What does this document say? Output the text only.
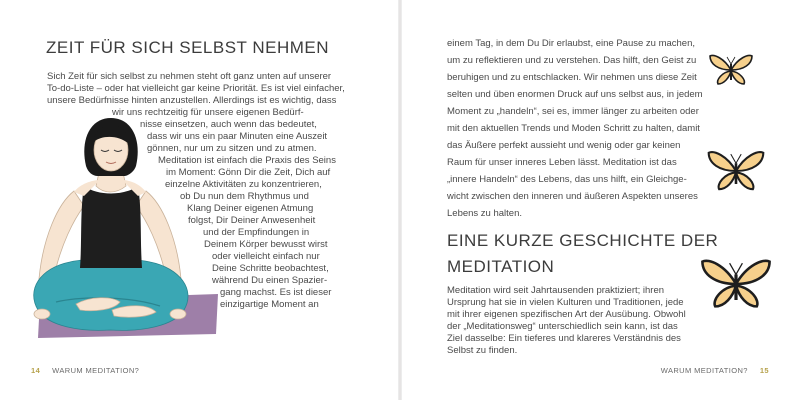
ZEIT FÜR SICH SELBST NEHMEN
Sich Zeit für sich selbst zu nehmen steht oft ganz unten auf unserer
To-do-Liste – oder hat vielleicht gar keine Priorität. Es ist viel einfacher,
unsere Bedürfnisse hinten anzustellen. Allerdings ist es wichtig, dass
wir uns rechtzeitig für unsere eigenen Bedürf-
nisse einsetzen, auch wenn das bedeutet,
dass wir uns ein paar Minuten eine Auszeit
gönnen, nur um zu sitzen und zu atmen.
Meditation ist einfach die Praxis des Seins
im Moment: Gönn Dir die Zeit, Dich auf
einzelne Aktivitäten zu konzentrieren,
ob Du nun dem Rhythmus und
Klang Deiner eigenen Atmung
folgst, Dir Deiner Anwesenheit
und der Empfindungen in
Deinem Körper bewusst wirst
oder vielleicht einfach nur
Deine Schritte beobachtest,
während Du einen Spazier-
gang machst. Es ist dieser
einzigartige Moment an
14 WARUM MEDITATION?
einem Tag, in dem Du Dir erlaubst, eine Pause zu machen,
um zu reflektieren und zu verstehen. Das hilft, den Geist zu
beruhigen und zu entschlacken. Wir nehmen uns diese Zeit
selten und üben enormen Druck auf uns selbst aus, in jedem
Moment zu „handeln“, sei es, immer länger zu arbeiten oder
mit den aktuellen Trends und Moden Schritt zu halten, damit
das Äußere perfekt aussieht und wenig oder gar keinen
Raum für unser inneres Leben lässt. Meditation ist das
„innere Handeln“ des Lebens, das uns hilft, ein Gleichge-
wicht zwischen den inneren und äußeren Aspekten unseres
Lebens zu halten.
EINE KURZE GESCHICHTE DER
MEDITATION
Meditation wird seit Jahrtausenden praktiziert; ihren
Ursprung hat sie in vielen Kulturen und Traditionen, jede
mit ihrer eigenen spezifischen Art der Ausübung. Obwohl
der „Meditationsweg“ unterschiedlich sein kann, ist das
Ziel dasselbe: Ein tieferes und klareres Verständnis des
Selbst zu finden.
WARUM MEDITATION? 15
